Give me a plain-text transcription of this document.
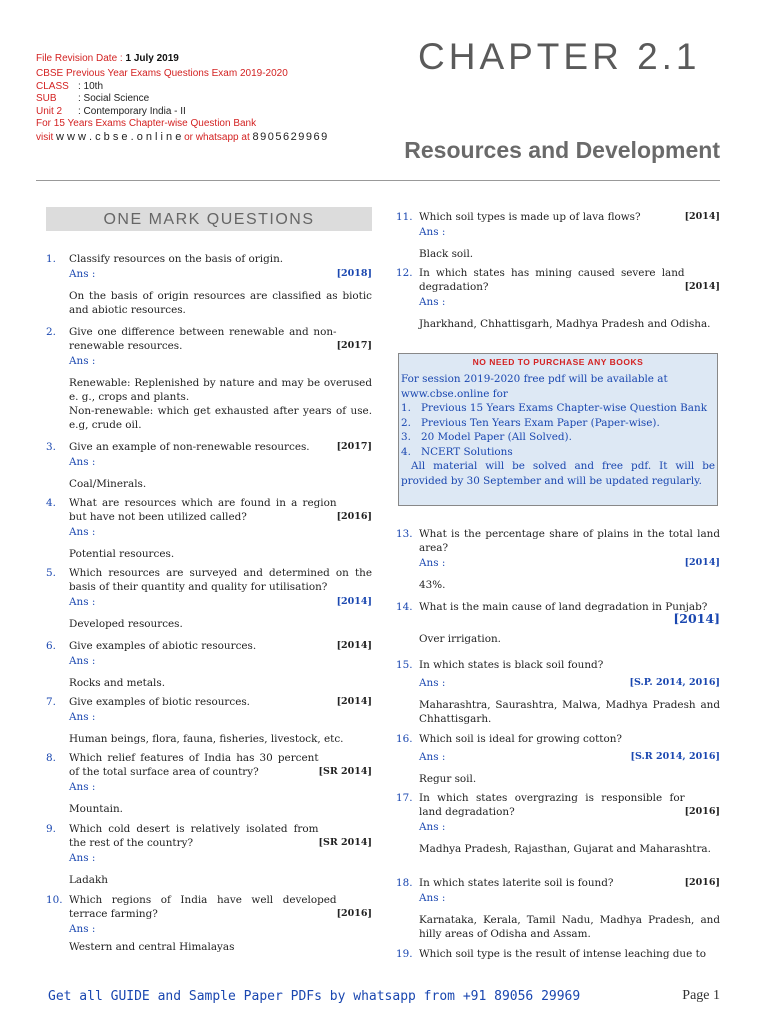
File Revision Date : 1 July 2019
CBSE Previous Year Exams Questions Exam 2019-2020
CLASS : 10th
SUB : Social Science
Unit 2 : Contemporary India - II
For 15 Years Exams Chapter-wise Question Bank
visit w w w . c b s e . o n l i n e or whatsapp at 8905629969
CHAPTER 2.1
Resources and Development
ONE MARK QUESTIONS
1. Classify resources on the basis of origin.
Ans :	[2018]
On the basis of origin resources are classified as biotic and abiotic resources.
2.
[2017]
Give one difference between renewable and non-renewable resources.
Ans :
Renewable: Replenished by nature and may be overused e. g., crops and plants.
Non-renewable: which get exhausted after years of use. e.g, crude oil.
3.	[2017]
Give an example of non-renewable resources.
Ans :
Coal/Minerals.
4.
[2016]
What are resources which are found in a region but have not been utilized called?
Ans :
Potential resources.
5. Which resources are surveyed and determined on the basis of their quantity and quality for utilisation?
Ans :	[2014]
Developed resources.
6.	[2014]
Give examples of abiotic resources.
Ans :
Rocks and metals.
7.	[2014]
Give examples of biotic resources.
Ans :
Human beings, flora, fauna, fisheries, livestock, etc.
8.
[SR 2014]
Which relief features of India has 30 percent of the total surface area of country?
Ans :
Mountain.
9.
[SR 2014]
Which cold desert is relatively isolated from the rest of the country?
Ans :
Ladakh
10.
[2016]
Which regions of India have well developed terrace farming?
Ans :
Western and central Himalayas
11.	[2014]
Which soil types is made up of lava flows?
Ans :
Black soil.
12.
[2014]
In which states has mining caused severe land degradation?
Ans :
Jharkhand, Chhattisgarh, Madhya Pradesh and Odisha.
NO NEED TO PURCHASE ANY BOOKS
For session 2019-2020 free pdf will be available at www.cbse.online for
1. Previous 15 Years Exams Chapter-wise Question Bank
2. Previous Ten Years Exam Paper (Paper-wise).
3. 20 Model Paper (All Solved).
4. NCERT Solutions
All material will be solved and free pdf. It will be provided by 30 September and will be updated regularly.
13. What is the percentage share of plains in the total land area?
Ans :	[2014]
43%.
14. What is the main cause of land degradation in Punjab?
[2014]
Over irrigation.
15. In which states is black soil found?
Ans :	[S.P. 2014, 2016]
Maharashtra, Saurashtra, Malwa, Madhya Pradesh and Chhattisgarh.
16. Which soil is ideal for growing cotton?
Ans :	[S.R 2014, 2016]
Regur soil.
17.
[2016]
In which states overgrazing is responsible for land degradation?
Ans :
Madhya Pradesh, Rajasthan, Gujarat and Maharashtra.
18.	[2016]
In which states laterite soil is found?
Ans :
Karnataka, Kerala, Tamil Nadu, Madhya Pradesh, and hilly areas of Odisha and Assam.
19. Which soil type is the result of intense leaching due to
Get all GUIDE and Sample Paper PDFs by whatsapp from +91 89056 29969	Page 1
